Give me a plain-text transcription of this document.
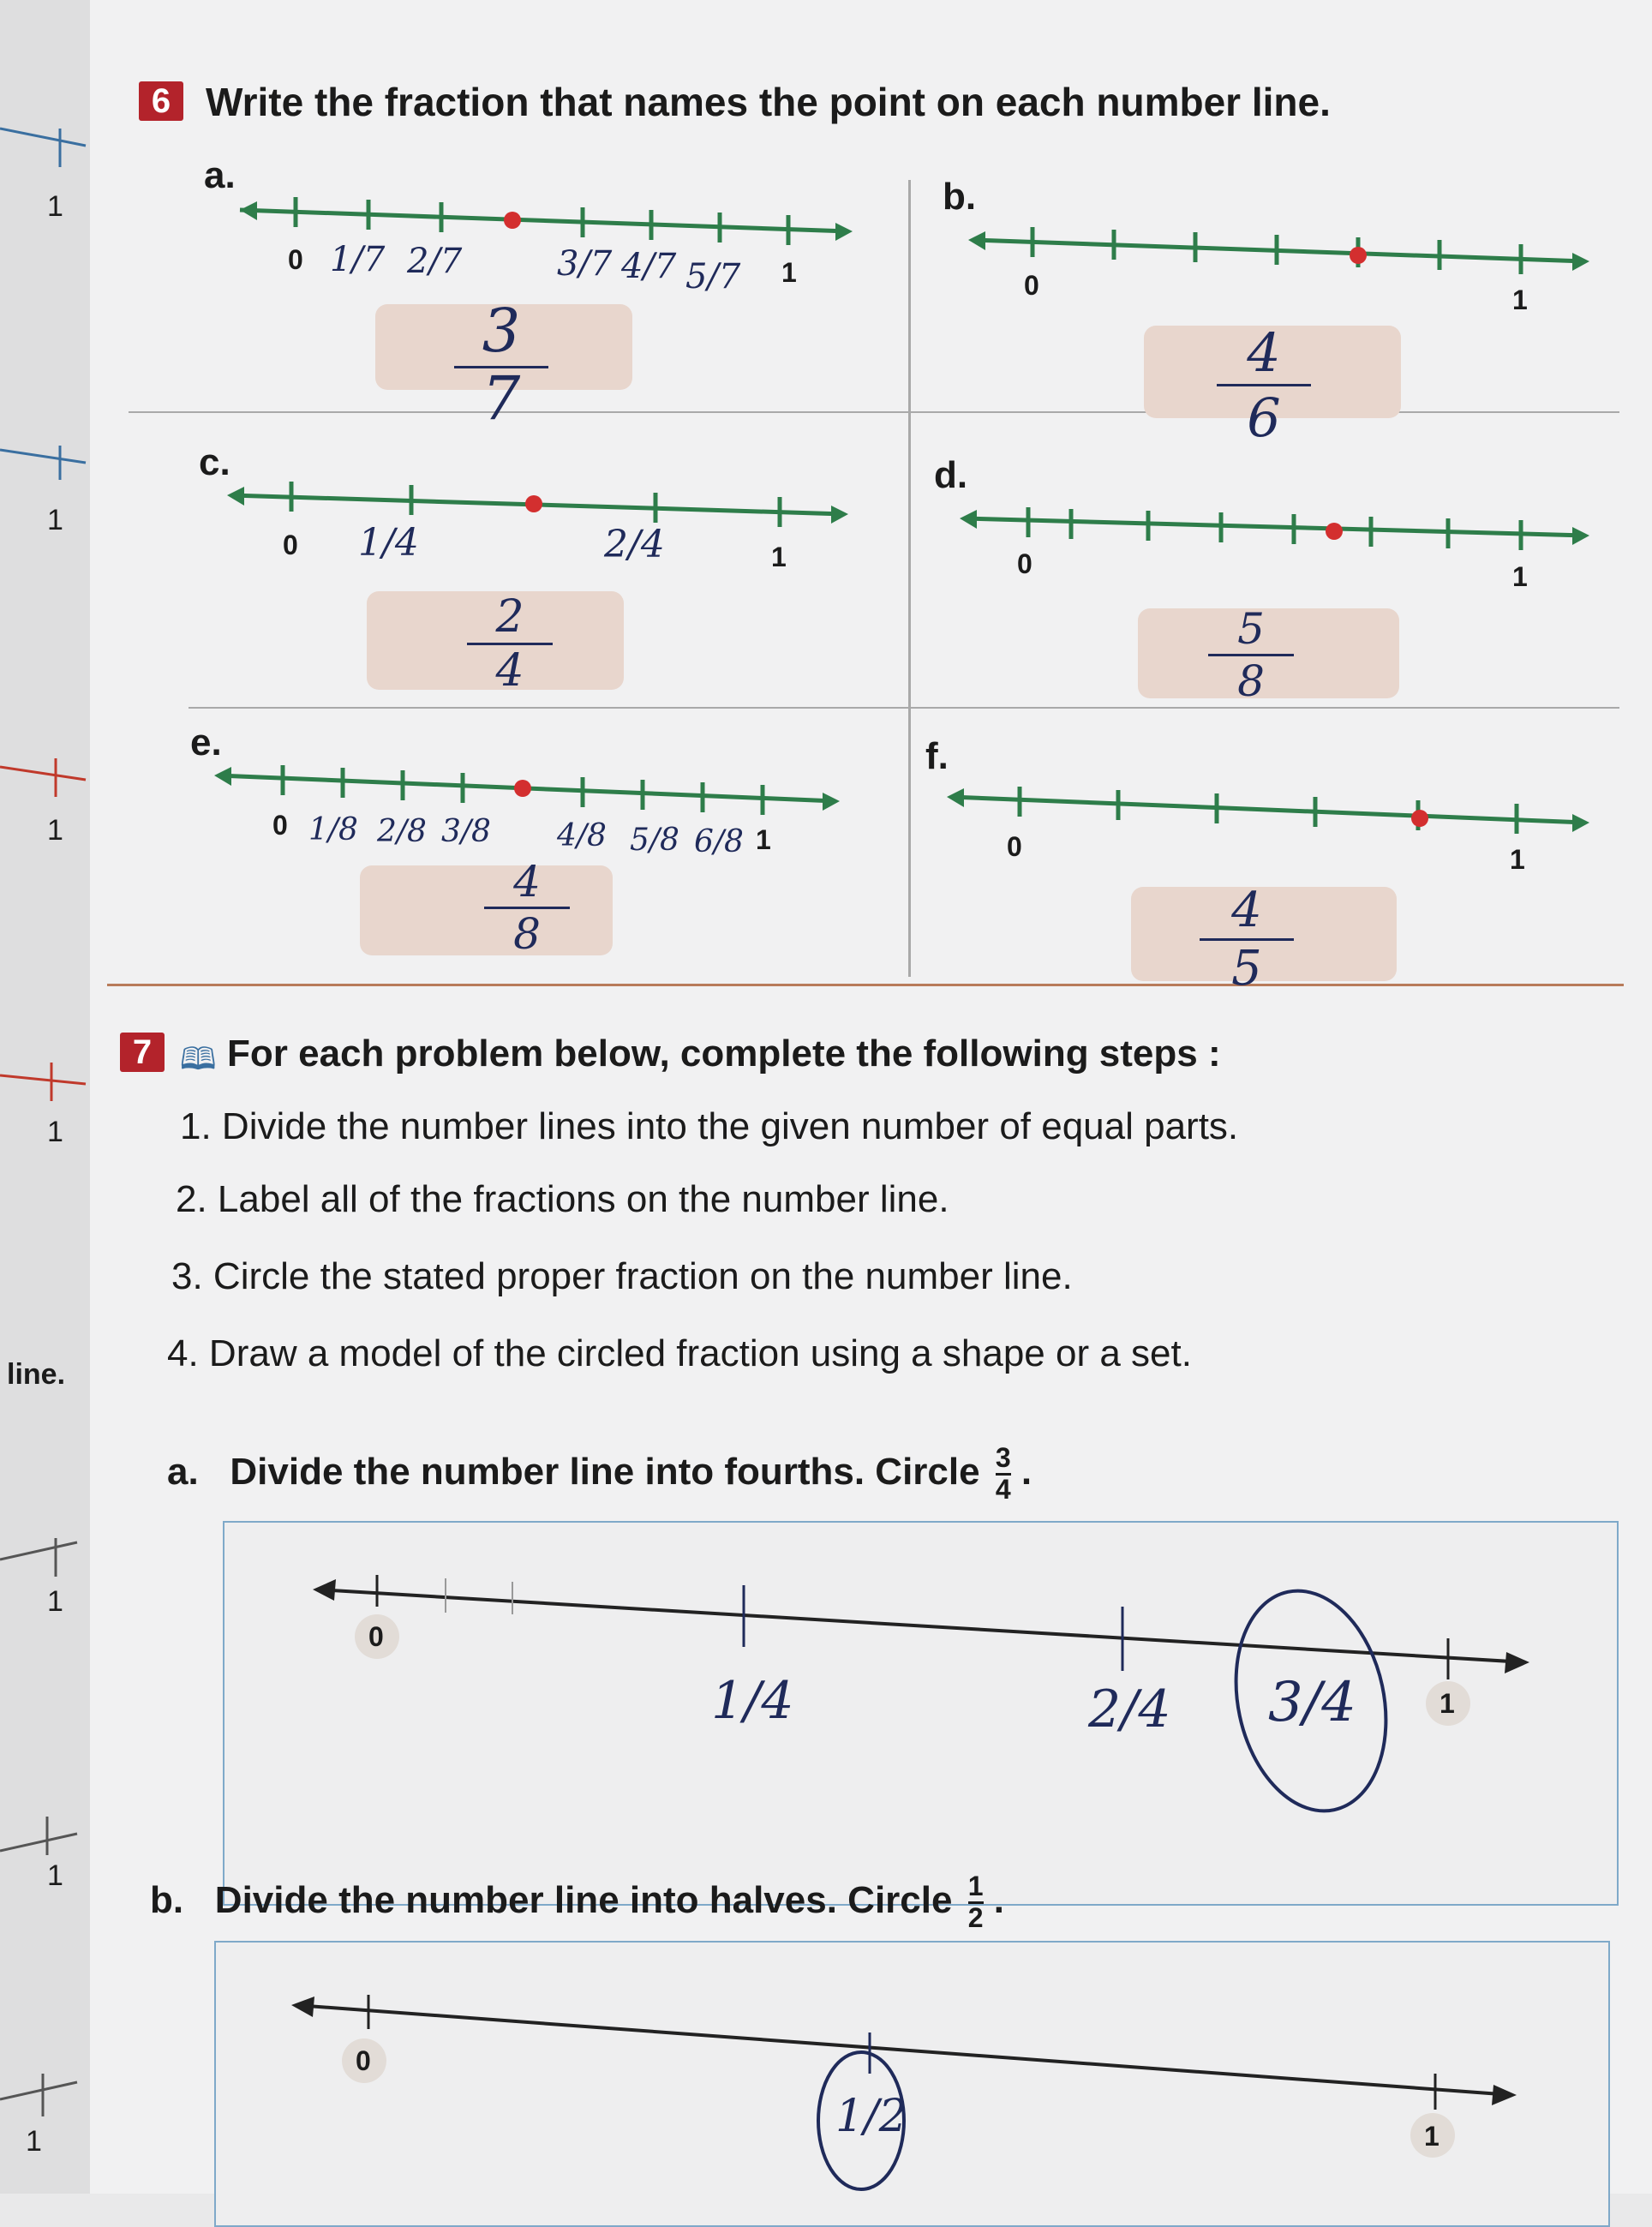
1
1
1
1
1
1
line.
1
6 Write the fraction that names the point on each number line.
a.
0	1
1/7 2/7	3/7 4/7 5/7
3
7
b.
0	1
4
6
c.
0	1
1/4	2/4
2
4
d.
0	1
5
8
e.
0	1
1/8 2/8 3/8 4/8 5/8 6/8
4
8
f.
0	1
4
5
7 🕮 For each problem below, complete the following steps :
1. Divide the number lines into the given number of equal parts.
2. Label all of the fractions on the number line.
3. Circle the stated proper fraction on the number line.
4. Draw a model of the circled fraction using a shape or a set.
a. Divide the number line into fourths. Circle $\frac{3}{4}$ .
0
1
1/4	2/4 3/4
b. Divide the number line into halves. Circle $\frac{1}{2}$ .
0
1
1/2
